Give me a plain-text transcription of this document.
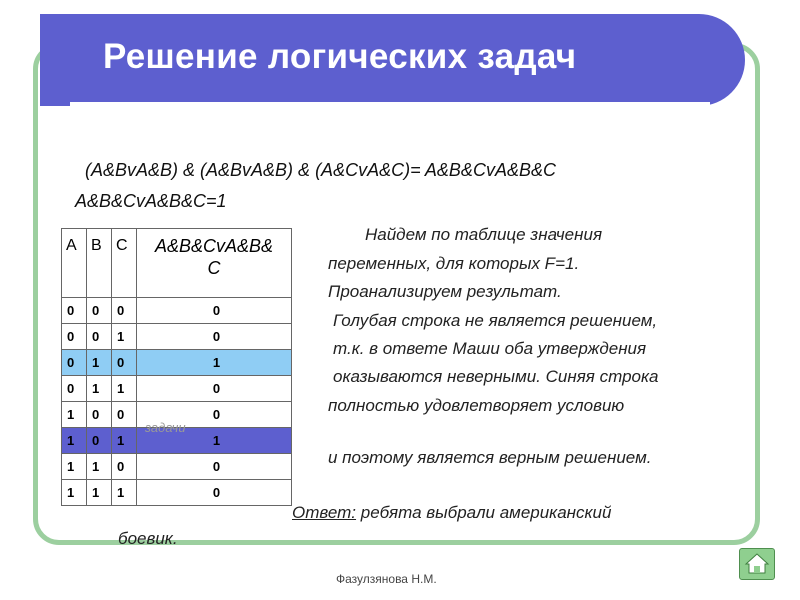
Решение логических задач
(A&BvA&B) & (A&BvA&B) & (A&CvA&C)= A&B&CvA&B&C
A&B&CvA&B&C=1
A	B	C	A&B&CvA&B&
C

0	0	0	0
0	0	1	0
0	1	0	1
0	1	1	0
1	0	0	0
1	0	1	1
1	1	0	0
1	1	1	0
задачи
Найдем по таблице значения
переменных, для которых F=1.
Проанализируем результат.
Голубая строка не является решением,
т.к. в ответе Маши оба утверждения
оказываются неверными. Синяя строка
полностью удовлетворяет условию
и поэтому является верным решением.
Ответ: ребята выбрали американский
боевик.
Фазулзянова Н.М.
